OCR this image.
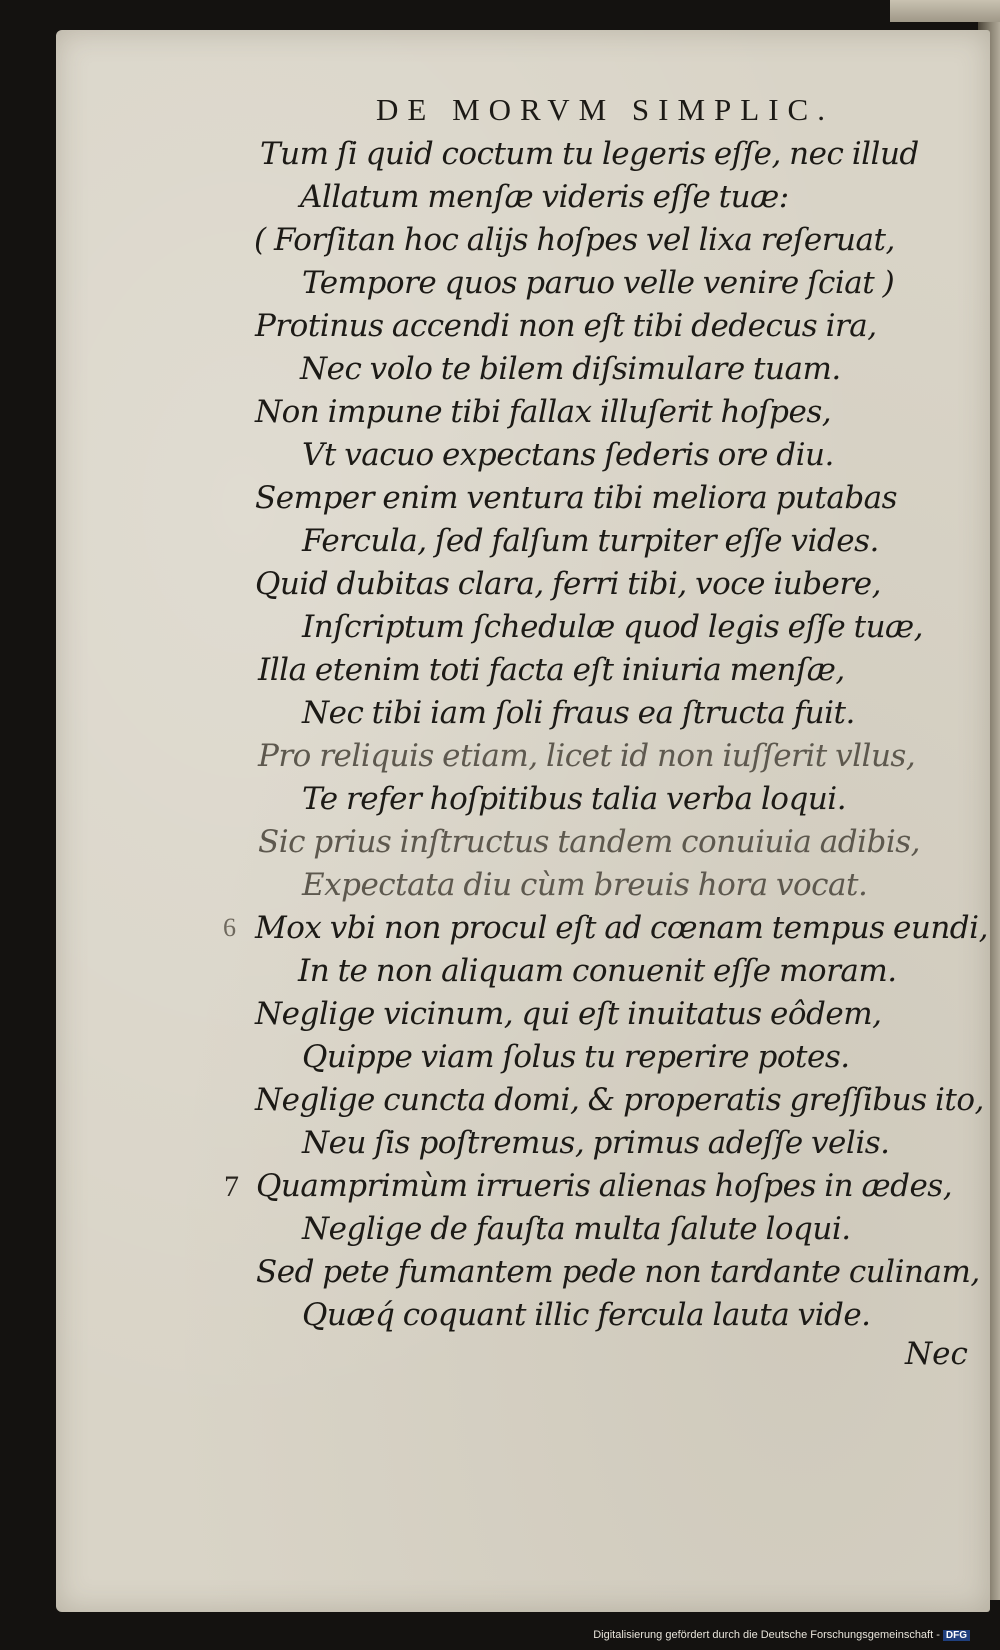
DE MORVM SIMPLIC.
Tum ſi quid coctum tu legeris eſſe, nec illud
Allatum menſæ videris eſſe tuæ:
( Forſitan hoc alijs hoſpes vel lixa reſeruat,
Tempore quos paruo velle venire ſciat )
Protinus accendi non eſt tibi dedecus ira,
Nec volo te bilem diſsimulare tuam.
Non impune tibi fallax illuſerit hoſpes,
Vt vacuo expectans ſederis ore diu.
Semper enim ventura tibi meliora putabas
Fercula, ſed falſum turpiter eſſe vides.
Quid dubitas clara, ferri tibi, voce iubere,
Inſcriptum ſchedulæ quod legis eſſe tuæ,
Illa etenim toti facta eſt iniuria menſæ,
Nec tibi iam ſoli fraus ea ſtructa fuit.
Pro reliquis etiam, licet id non iuſſerit vllus,
Te refer hoſpitibus talia verba loqui.
Sic prius inſtructus tandem conuiuia adibis,
Expectata diu cùm breuis hora vocat.
Mox vbi non procul eſt ad cœnam tempus eundi,
In te non aliquam conuenit eſſe moram.
Neglige vicinum, qui eſt inuitatus eôdem,
Quippe viam ſolus tu reperire potes.
Neglige cuncta domi, & properatis greſſibus ito,
Neu ſis poſtremus, primus adeſſe velis.
Quamprimùm irrueris alienas hoſpes in ædes,
Neglige de fauſta multa ſalute loqui.
Sed pete fumantem pede non tardante culinam,
Quæq́ coquant illic fercula lauta vide.
6
7
Nec
Digitalisierung gefördert durch die Deutsche Forschungsgemeinschaft - DFG
